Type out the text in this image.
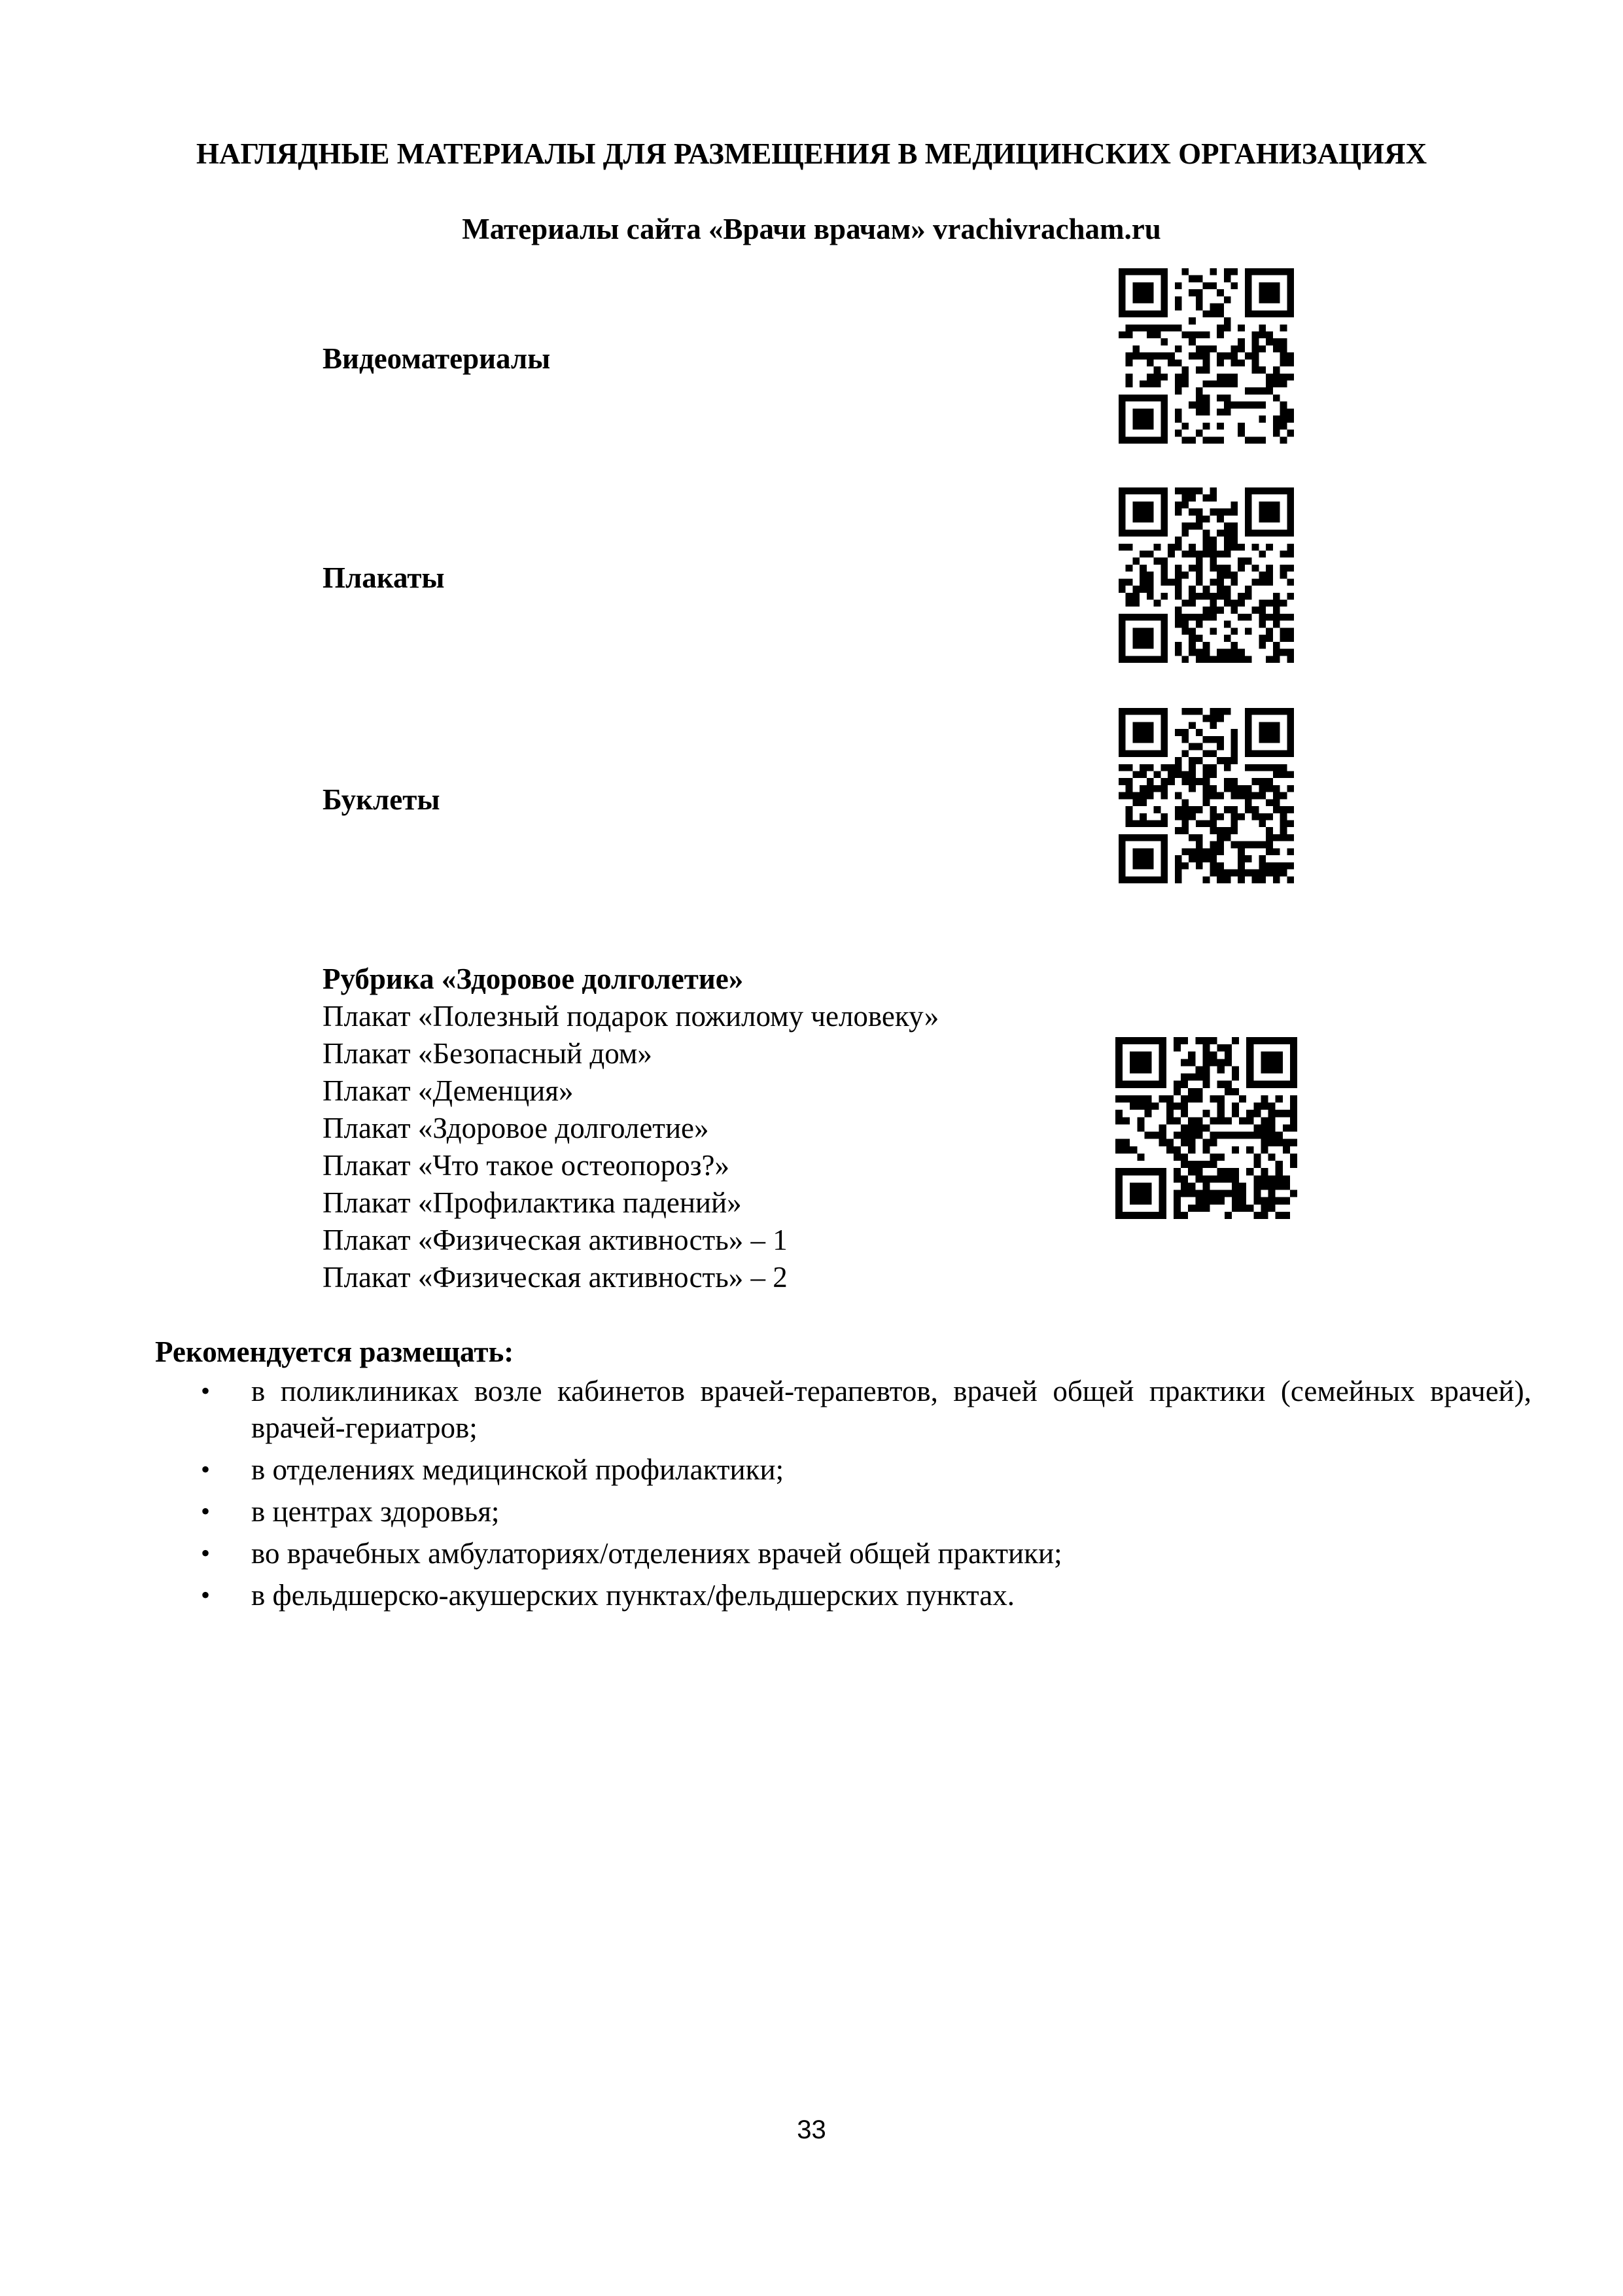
НАГЛЯДНЫЕ МАТЕРИАЛЫ ДЛЯ РАЗМЕЩЕНИЯ В МЕДИЦИНСКИХ ОРГАНИЗАЦИЯХ
Материалы сайта «Врачи врачам» vrachivracham.ru
Видеоматериалы
Плакаты
Буклеты
Рубрика «Здоровое долголетие»
Плакат «Полезный подарок пожилому человеку»
Плакат «Безопасный дом»
Плакат «Деменция»
Плакат «Здоровое долголетие»
Плакат «Что такое остеопороз?»
Плакат «Профилактика падений»
Плакат «Физическая активность» – 1
Плакат «Физическая активность» – 2
Рекомендуется размещать:
• в поликлиниках возле кабинетов врачей-терапевтов, врачей общей практики (семейных врачей), врачей-гериатров;
• в отделениях медицинской профилактики;
• в центрах здоровья;
• во врачебных амбулаториях/отделениях врачей общей практики;
• в фельдшерско-акушерских пунктах/фельдшерских пунктах.
33
